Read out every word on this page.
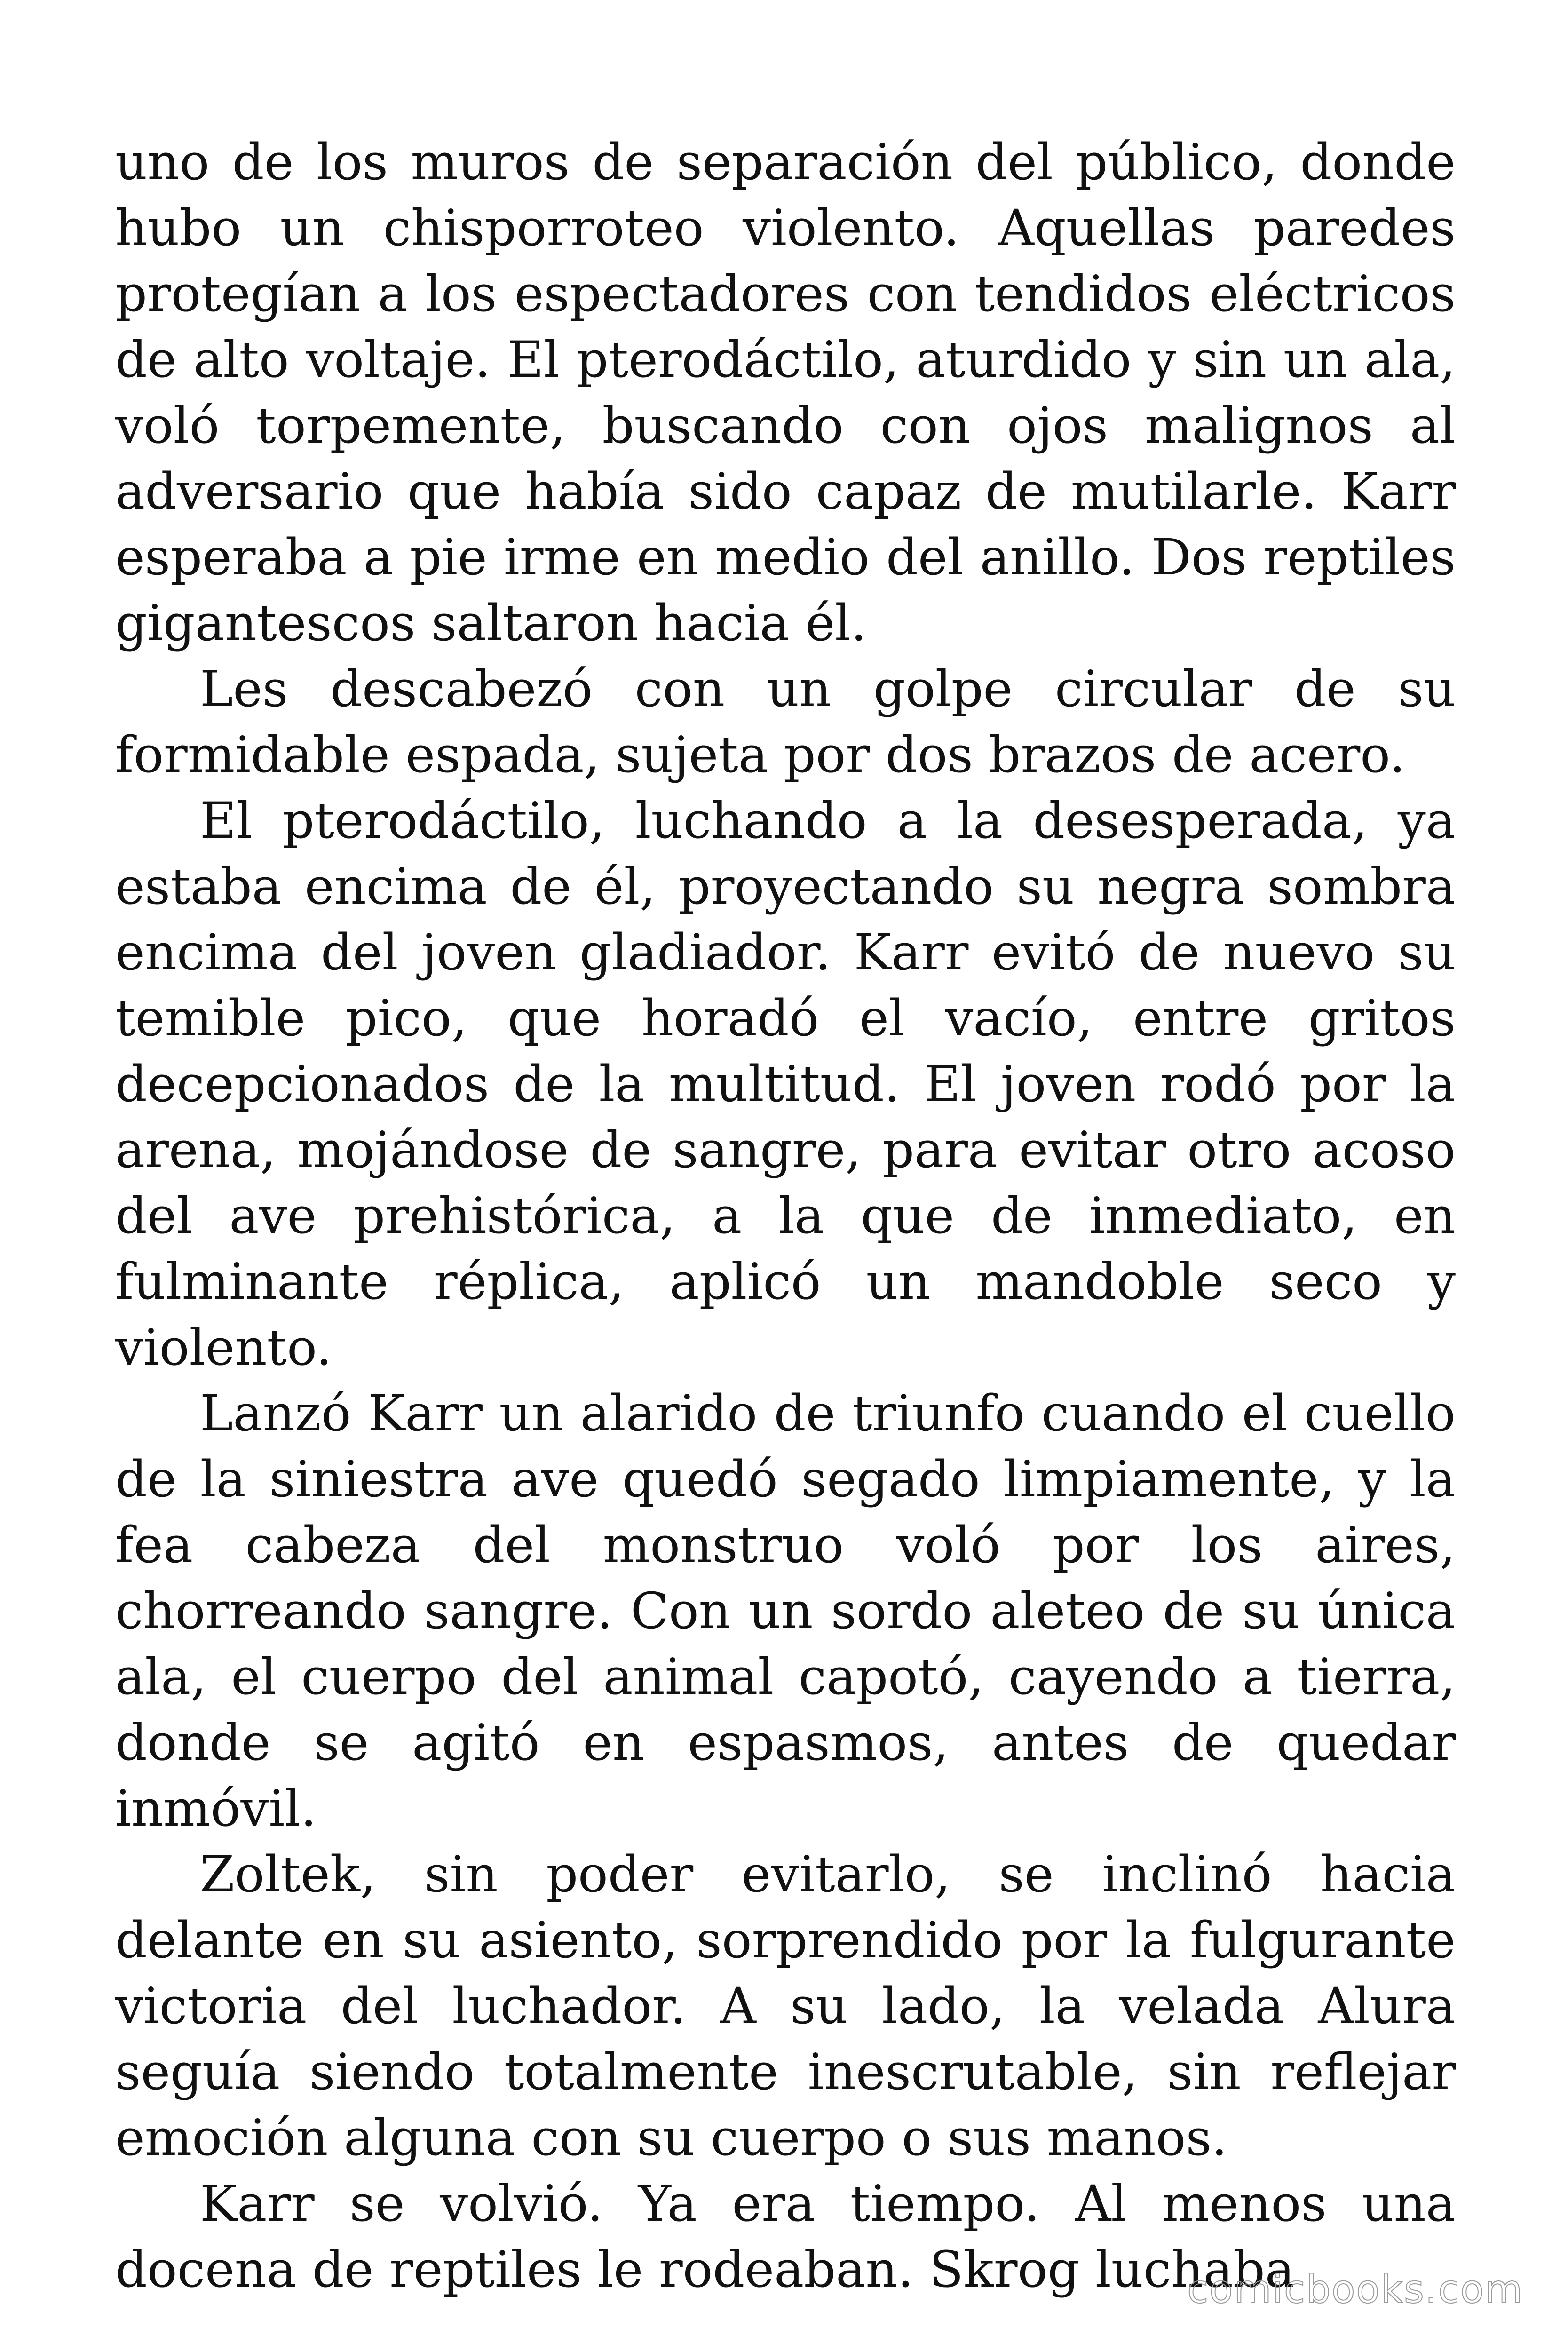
uno de los muros de separación del público, donde hubo un chisporroteo violento. Aquellas paredes protegían a los espectadores con tendidos eléctricos de alto voltaje. El pterodáctilo, aturdido y sin un ala, voló torpemente, buscando con ojos malignos al adversario que había sido capaz de mutilarle. Karr esperaba a pie irme en medio del anillo. Dos reptiles gigantescos saltaron hacia él.

Les descabezó con un golpe circular de su formidable espada, sujeta por dos brazos de acero.

El pterodáctilo, luchando a la desesperada, ya estaba encima de él, proyectando su negra sombra encima del joven gladiador. Karr evitó de nuevo su temible pico, que horadó el vacío, entre gritos decepcionados de la multitud. El joven rodó por la arena, mojándose de sangre, para evitar otro acoso del ave prehistórica, a la que de inmediato, en fulminante réplica, aplicó un mandoble seco y violento.

Lanzó Karr un alarido de triunfo cuando el cuello de la siniestra ave quedó segado limpiamente, y la fea cabeza del monstruo voló por los aires, chorreando sangre. Con un sordo aleteo de su única ala, el cuerpo del animal capotó, cayendo a tierra, donde se agitó en espasmos, antes de quedar inmóvil.

Zoltek, sin poder evitarlo, se inclinó hacia delante en su asiento, sorprendido por la fulgurante victoria del luchador. A su lado, la velada Alura seguía siendo totalmente inescrutable, sin reflejar emoción alguna con su cuerpo o sus manos.

Karr se volvió. Ya era tiempo. Al menos una docena de reptiles le rodeaban. Skrog luchaba

comicbooks.com
